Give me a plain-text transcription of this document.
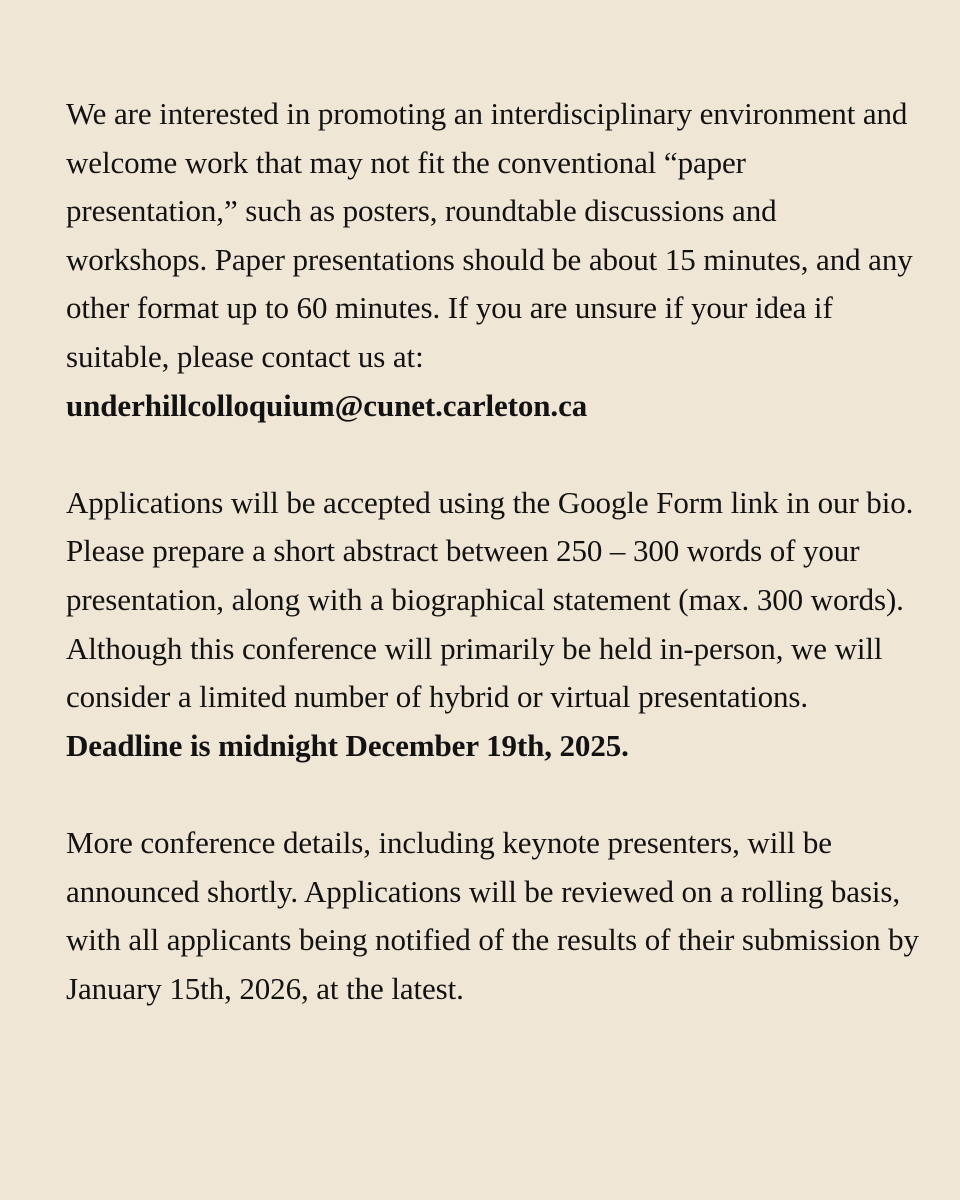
We are interested in promoting an interdisciplinary environment and welcome work that may not fit the conventional “paper presentation,” such as posters, roundtable discussions and workshops. Paper presentations should be about 15 minutes, and any other format up to 60 minutes. If you are unsure if your idea if suitable, please contact us at:
underhillcolloquium@cunet.carleton.ca

Applications will be accepted using the Google Form link in our bio. Please prepare a short abstract between 250 – 300 words of your presentation, along with a biographical statement (max. 300 words). Although this conference will primarily be held in-person, we will consider a limited number of hybrid or virtual presentations. Deadline is midnight December 19th, 2025.

More conference details, including keynote presenters, will be announced shortly. Applications will be reviewed on a rolling basis, with all applicants being notified of the results of their submission by January 15th, 2026, at the latest.
